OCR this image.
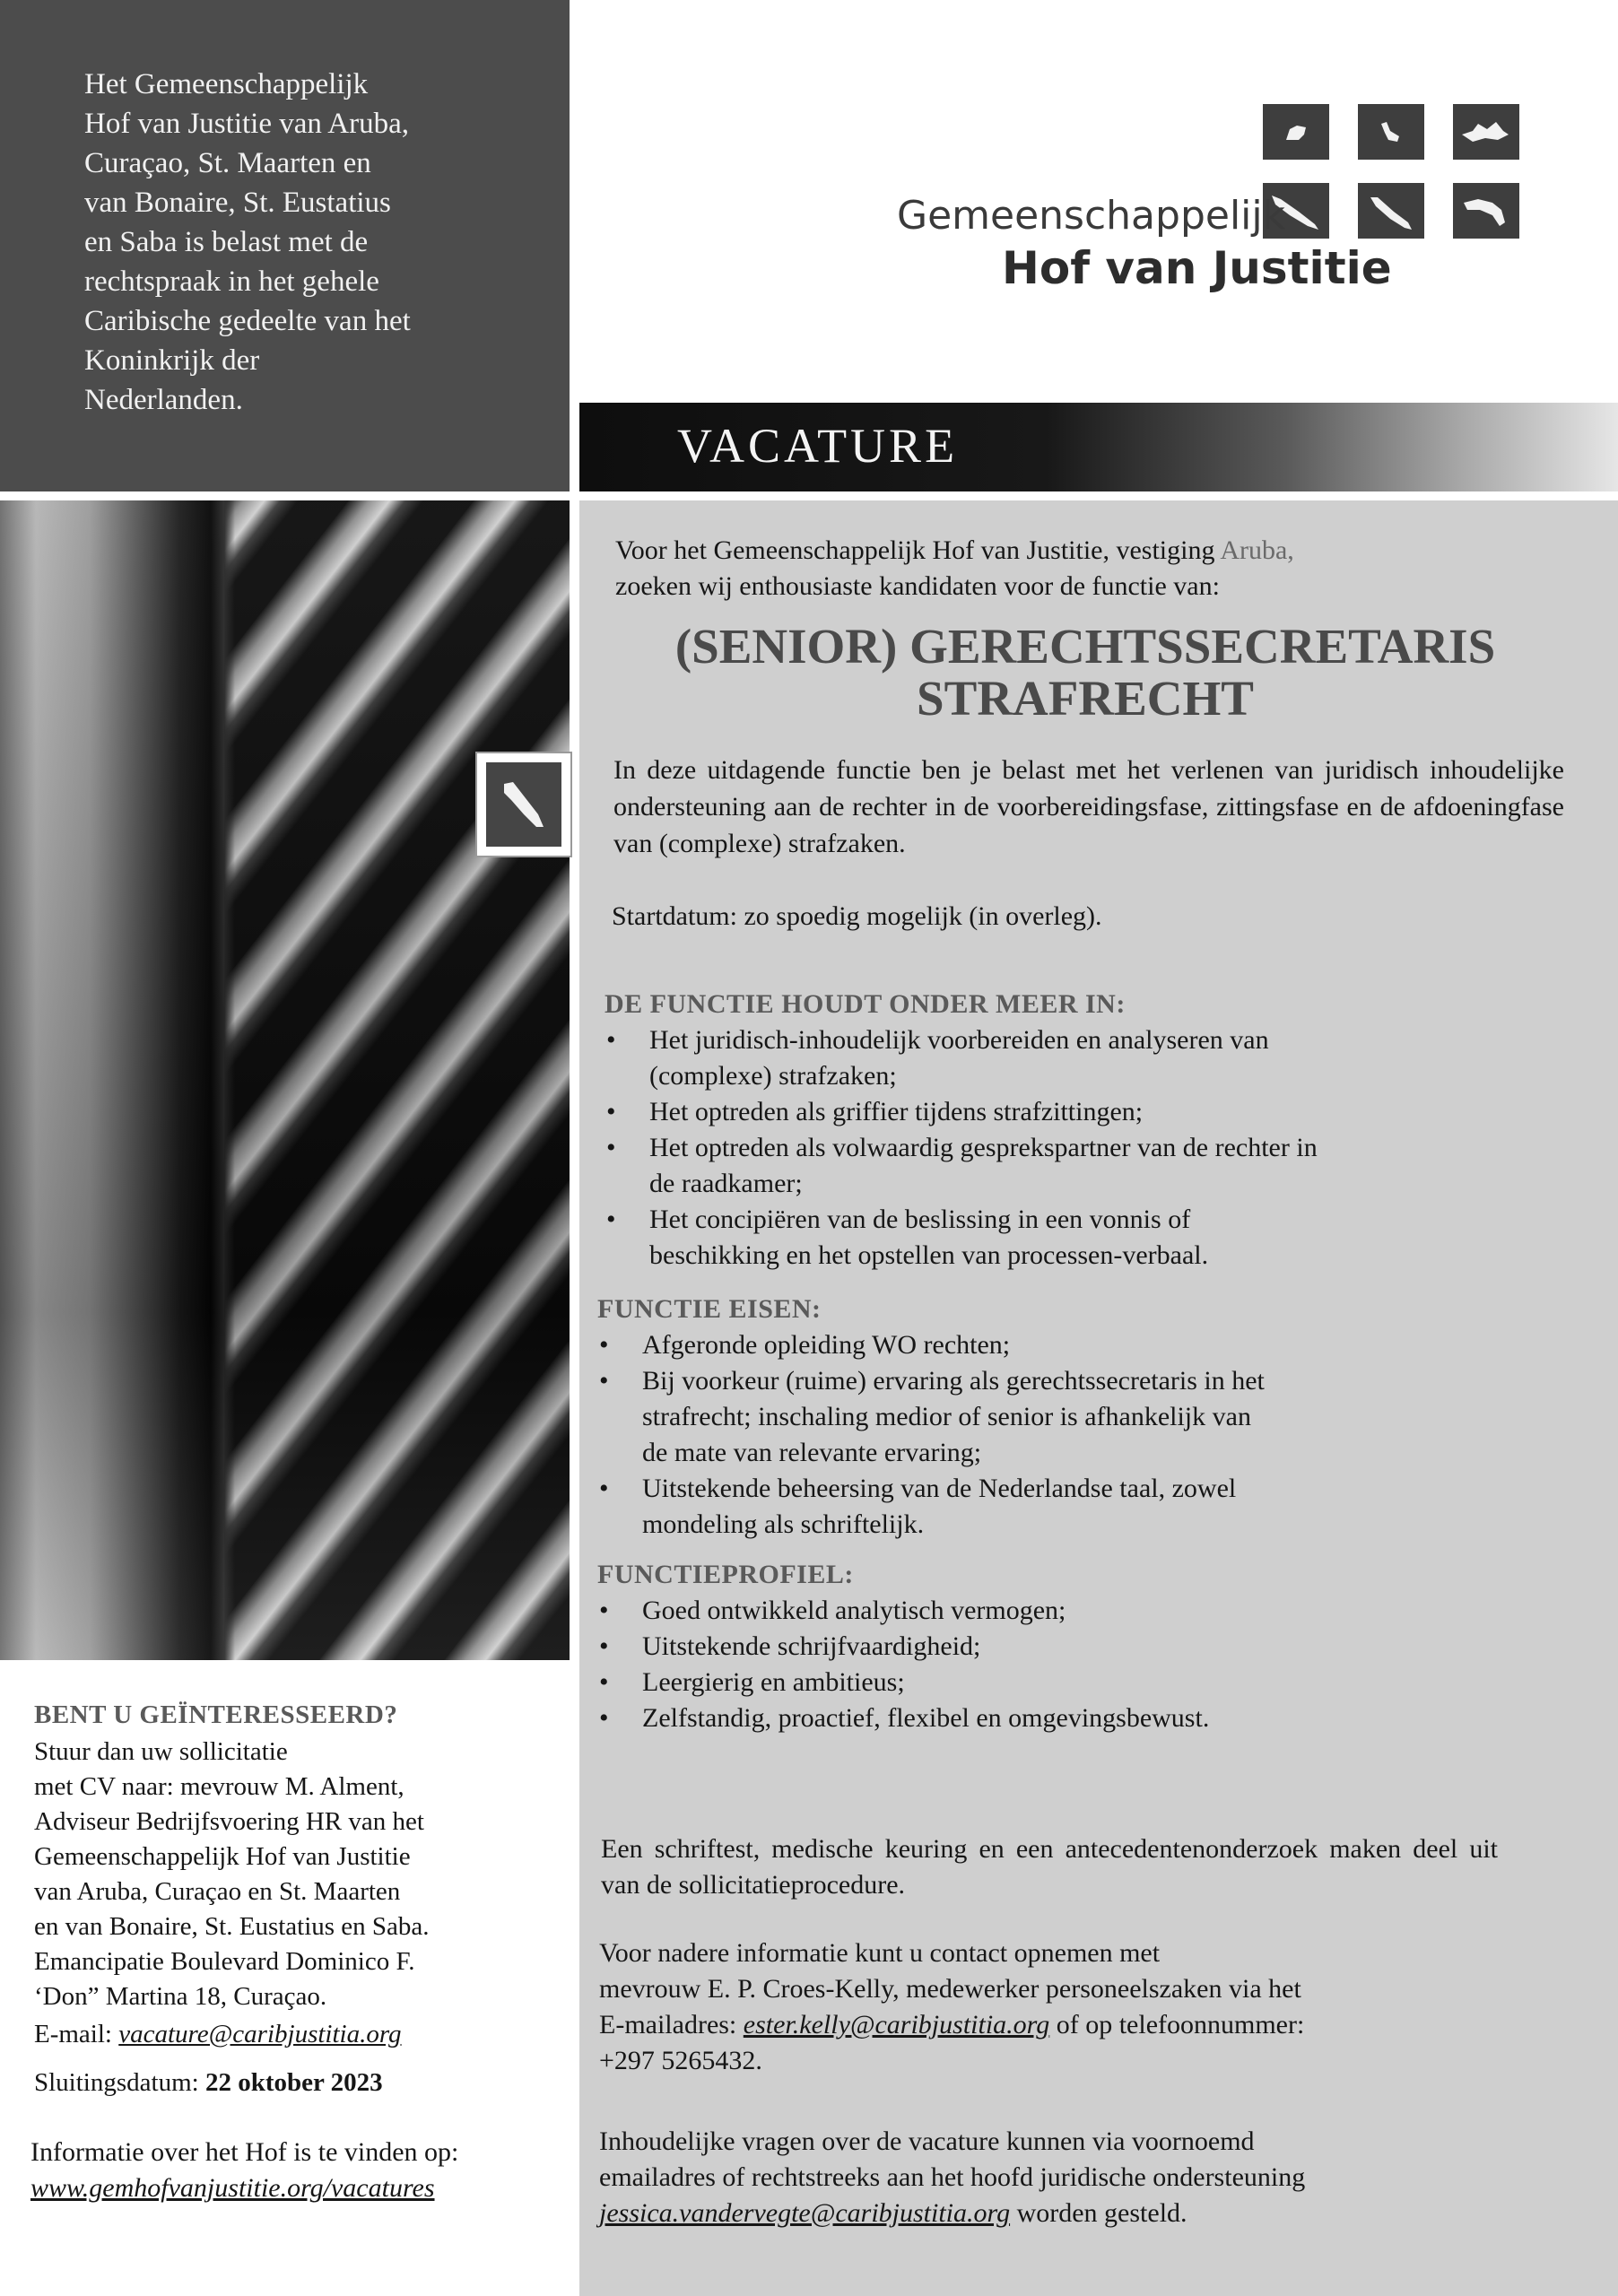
Het Gemeenschappelijk
Hof van Justitie van Aruba,
Curaçao, St. Maarten en
van Bonaire, St. Eustatius
en Saba is belast met de
rechtspraak in het gehele
Caribische gedeelte van het
Koninkrijk der
Nederlanden.
BENT U GEÏNTERESSEERD?
Stuur dan uw sollicitatie
met CV naar: mevrouw M. Alment,
Adviseur Bedrijfsvoering HR van het
Gemeenschappelijk Hof van Justitie
van Aruba, Curaçao en St. Maarten
en van Bonaire, St. Eustatius en Saba.
Emancipatie Boulevard Dominico F.
‘Don” Martina 18, Curaçao.
E-mail: vacature@caribjustitia.org
Sluitingsdatum: 22 oktober 2023
Informatie over het Hof is te vinden op:
www.gemhofvanjustitie.org/vacatures
Gemeenschappelijk
Hof van Justitie
VACATURE
Voor het Gemeenschappelijk Hof van Justitie, vestiging Aruba,
zoeken wij enthousiaste kandidaten voor de functie van:
(SENIOR) GERECHTSSECRETARIS
STRAFRECHT
In deze uitdagende functie ben je belast met het verlenen van juridisch inhoudelijke ondersteuning aan de rechter in de voorbereidingsfase, zittingsfase en de afdoeningfase van (complexe) strafzaken.
Startdatum: zo spoedig mogelijk (in overleg).
DE FUNCTIE HOUDT ONDER MEER IN:
• Het juridisch-inhoudelijk voorbereiden en analyseren van
(complexe) strafzaken;
• Het optreden als griffier tijdens strafzittingen;
• Het optreden als volwaardig gesprekspartner van de rechter in
de raadkamer;
• Het concipiëren van de beslissing in een vonnis of
beschikking en het opstellen van processen-verbaal.
FUNCTIE EISEN:
• Afgeronde opleiding WO rechten;
• Bij voorkeur (ruime) ervaring als gerechtssecretaris in het
strafrecht; inschaling medior of senior is afhankelijk van
de mate van relevante ervaring;
• Uitstekende beheersing van de Nederlandse taal, zowel
mondeling als schriftelijk.
FUNCTIEPROFIEL:
• Goed ontwikkeld analytisch vermogen;
• Uitstekende schrijfvaardigheid;
• Leergierig en ambitieus;
• Zelfstandig, proactief, flexibel en omgevingsbewust.
Een schriftest, medische keuring en een antecedentenonderzoek maken deel uit van de sollicitatieprocedure.
Voor nadere informatie kunt u contact opnemen met
mevrouw E. P. Croes-Kelly, medewerker personeelszaken via het
E-mailadres: ester.kelly@caribjustitia.org of op telefoonnummer:
+297 5265432.
Inhoudelijke vragen over de vacature kunnen via voornoemd
emailadres of rechtstreeks aan het hoofd juridische ondersteuning
jessica.vandervegte@caribjustitia.org worden gesteld.
